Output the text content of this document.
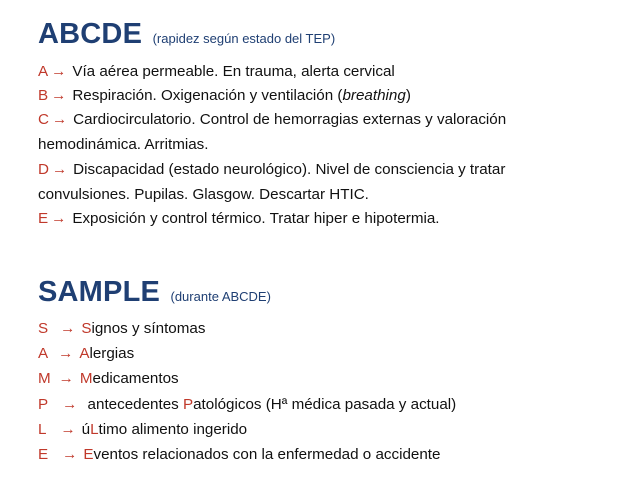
ABCDE (rapidez según estado del TEP)
A → Vía aérea permeable. En trauma, alerta cervical
B → Respiración. Oxigenación y ventilación (breathing)
C → Cardiocirculatorio. Control de hemorragias externas y valoración
hemodinámica. Arritmias.
D → Discapacidad (estado neurológico). Nivel de consciencia y tratar
convulsiones. Pupilas. Glasgow. Descartar HTIC.
E → Exposición y control térmico. Tratar hiper e hipotermia.
SAMPLE (durante ABCDE)
S → Signos y síntomas
A → Alergias
M → Medicamentos
P → antecedentes Patológicos (Hª médica pasada y actual)
L → úLtimo alimento ingerido
E → Eventos relacionados con la enfermedad o accidente
